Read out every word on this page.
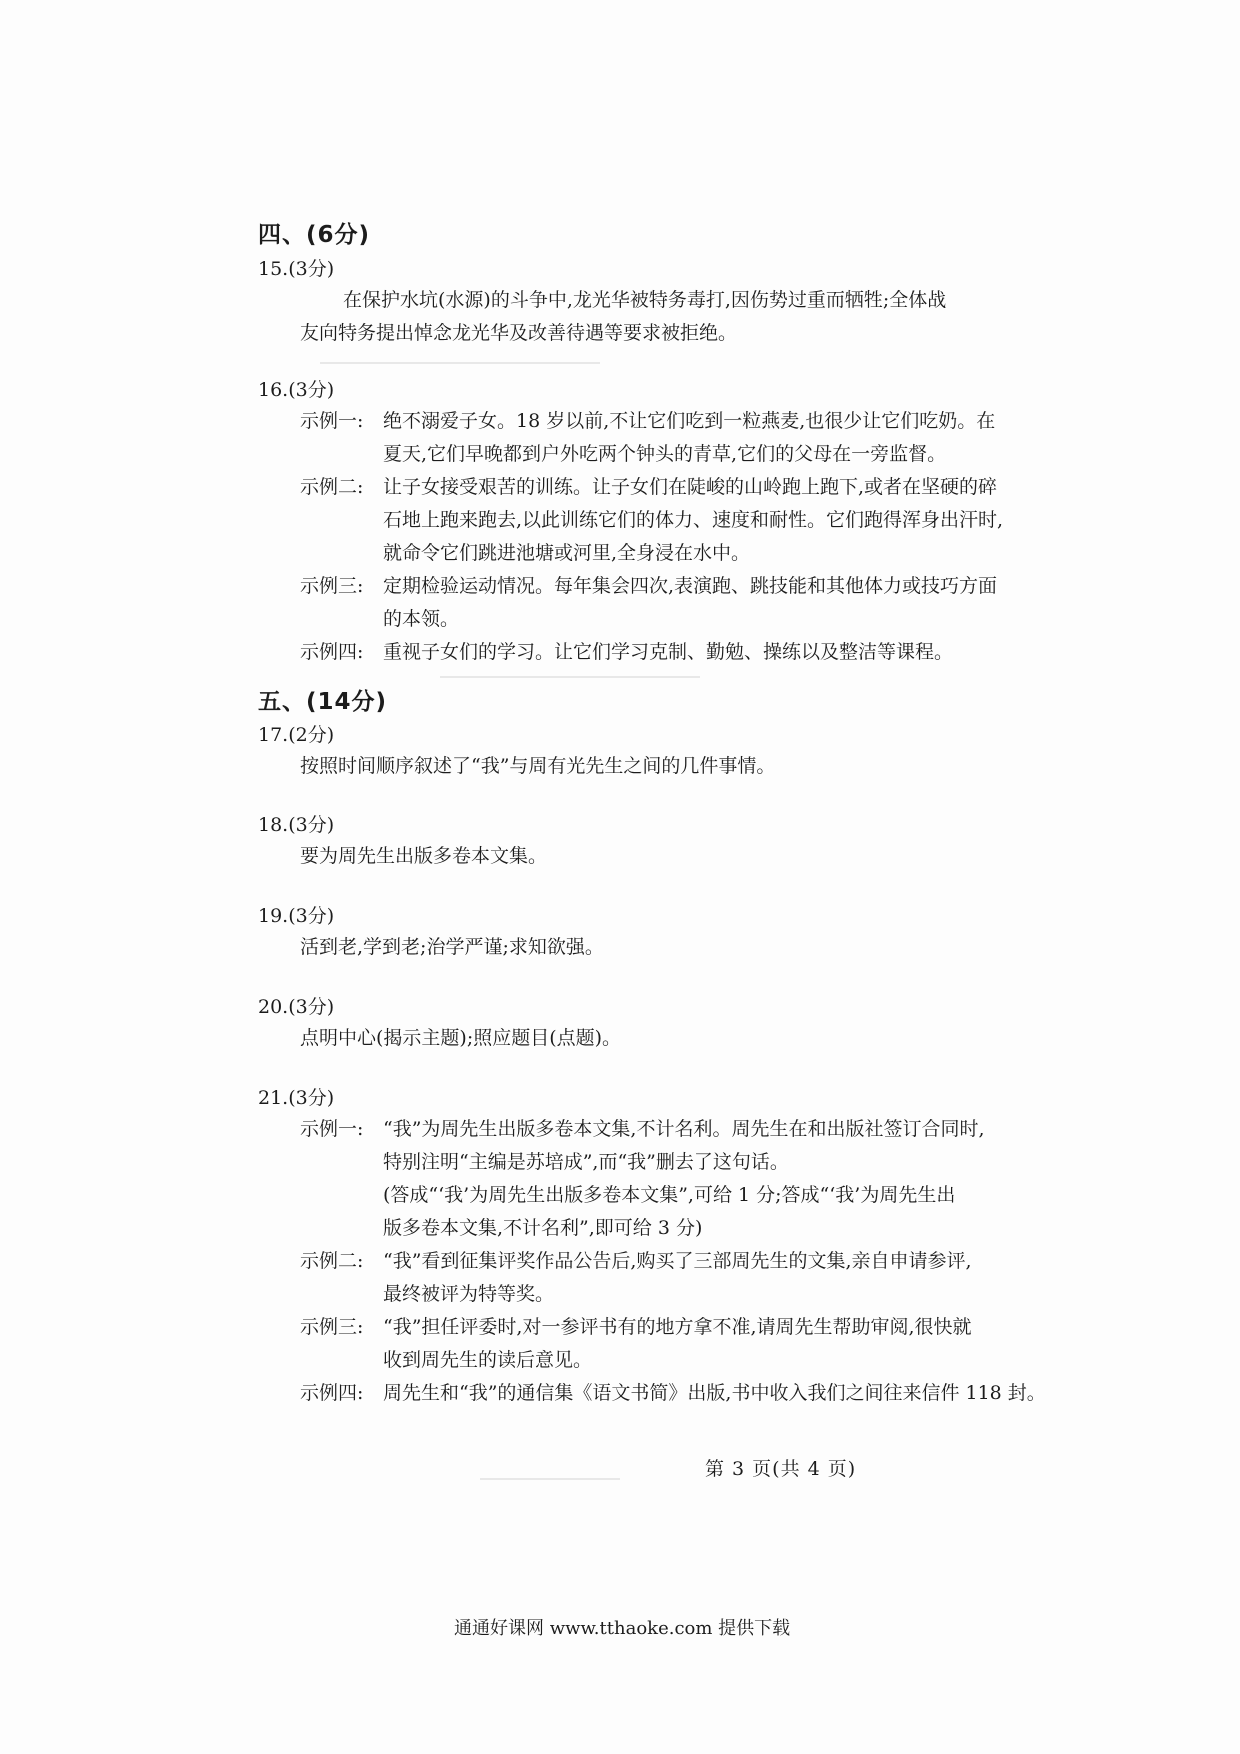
四、(6分)
15.(3分)
在保护水坑(水源)的斗争中,龙光华被特务毒打,因伤势过重而牺牲;全体战
友向特务提出悼念龙光华及改善待遇等要求被拒绝。
16.(3分)
示例一: 绝不溺爱子女。18 岁以前,不让它们吃到一粒燕麦,也很少让它们吃奶。在
夏天,它们早晚都到户外吃两个钟头的青草,它们的父母在一旁监督。
示例二: 让子女接受艰苦的训练。让子女们在陡峻的山岭跑上跑下,或者在坚硬的碎
石地上跑来跑去,以此训练它们的体力、速度和耐性。它们跑得浑身出汗时,
就命令它们跳进池塘或河里,全身浸在水中。
示例三: 定期检验运动情况。每年集会四次,表演跑、跳技能和其他体力或技巧方面
的本领。
示例四: 重视子女们的学习。让它们学习克制、勤勉、操练以及整洁等课程。
五、(14分)
17.(2分)
按照时间顺序叙述了“我”与周有光先生之间的几件事情。
18.(3分)
要为周先生出版多卷本文集。
19.(3分)
活到老,学到老;治学严谨;求知欲强。
20.(3分)
点明中心(揭示主题);照应题目(点题)。
21.(3分)
示例一: “我”为周先生出版多卷本文集,不计名利。周先生在和出版社签订合同时,
特别注明“主编是苏培成”,而“我”删去了这句话。
(答成“‘我’为周先生出版多卷本文集”,可给 1 分;答成“‘我’为周先生出
版多卷本文集,不计名利”,即可给 3 分)
示例二: “我”看到征集评奖作品公告后,购买了三部周先生的文集,亲自申请参评,
最终被评为特等奖。
示例三: “我”担任评委时,对一参评书有的地方拿不准,请周先生帮助审阅,很快就
收到周先生的读后意见。
示例四: 周先生和“我”的通信集《语文书简》出版,书中收入我们之间往来信件 118 封。
第 3 页(共 4 页)
通通好课网 www.tthaoke.com 提供下载
